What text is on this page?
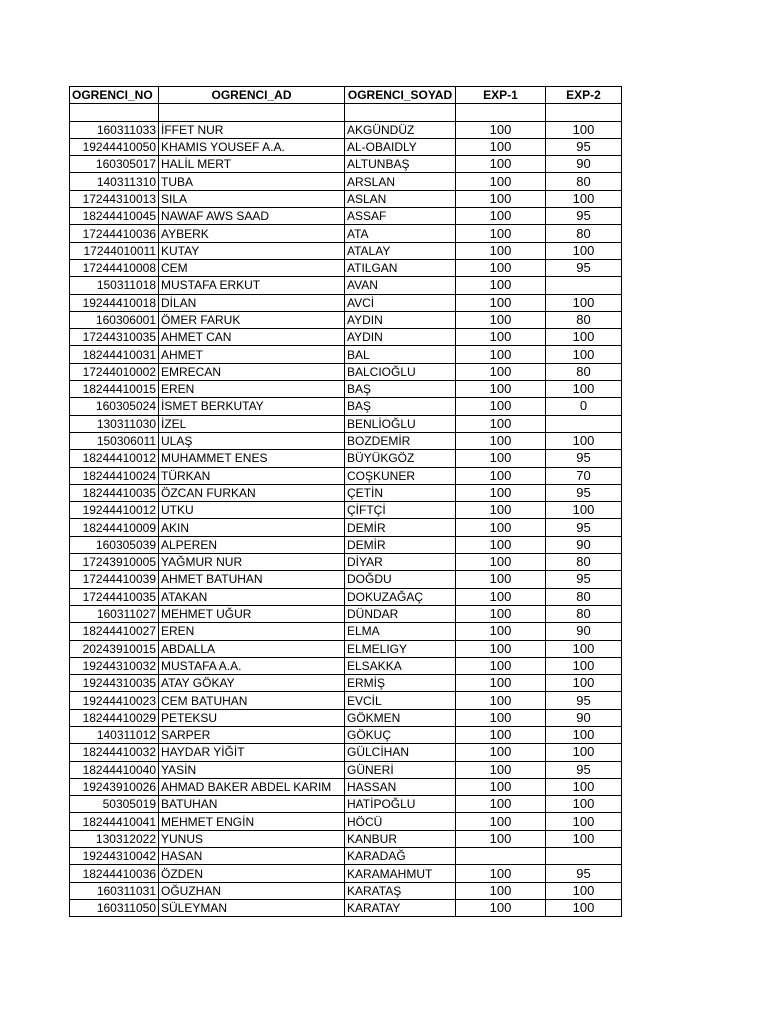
OGRENCI_NO	OGRENCI_AD	OGRENCI_SOYAD	EXP-1	EXP-2

160311033	İFFET NUR	AKGÜNDÜZ	100	100
19244410050	KHAMIS YOUSEF A.A.	AL-OBAIDLY	100	95
160305017	HALİL MERT	ALTUNBAŞ	100	90
140311310	TUBA	ARSLAN	100	80
17244310013	SILA	ASLAN	100	100
18244410045	NAWAF AWS SAAD	ASSAF	100	95
17244410036	AYBERK	ATA	100	80
17244010011	KUTAY	ATALAY	100	100
17244410008	CEM	ATILGAN	100	95
150311018	MUSTAFA ERKUT	AVAN	100	
19244410018	DİLAN	AVCİ	100	100
160306001	ÖMER FARUK	AYDIN	100	80
17244310035	AHMET CAN	AYDIN	100	100
18244410031	AHMET	BAL	100	100
17244010002	EMRECAN	BALCIOĞLU	100	80
18244410015	EREN	BAŞ	100	100
160305024	İSMET BERKUTAY	BAŞ	100	0
130311030	İZEL	BENLİOĞLU	100	
150306011	ULAŞ	BOZDEMİR	100	100
18244410012	MUHAMMET ENES	BÜYÜKGÖZ	100	95
18244410024	TÜRKAN	COŞKUNER	100	70
18244410035	ÖZCAN FURKAN	ÇETİN	100	95
19244410012	UTKU	ÇİFTÇİ	100	100
18244410009	AKIN	DEMİR	100	95
160305039	ALPEREN	DEMİR	100	90
17243910005	YAĞMUR NUR	DİYAR	100	80
17244410039	AHMET BATUHAN	DOĞDU	100	95
17244410035	ATAKAN	DOKUZAĞAÇ	100	80
160311027	MEHMET UĞUR	DÜNDAR	100	80
18244410027	EREN	ELMA	100	90
20243910015	ABDALLA	ELMELIGY	100	100
19244310032	MUSTAFA A.A.	ELSAKKA	100	100
19244310035	ATAY GÖKAY	ERMİŞ	100	100
19244410023	CEM BATUHAN	EVCİL	100	95
18244410029	PETEKSU	GÖKMEN	100	90
140311012	SARPER	GÖKUÇ	100	100
18244410032	HAYDAR YİĞİT	GÜLCİHAN	100	100
18244410040	YASİN	GÜNERİ	100	95
19243910026	AHMAD BAKER ABDEL KARIM	HASSAN	100	100
50305019	BATUHAN	HATİPOĞLU	100	100
18244410041	MEHMET ENGİN	HÖCÜ	100	100
130312022	YUNUS	KANBUR	100	100
19244310042	HASAN	KARADAĞ		
18244410036	ÖZDEN	KARAMAHMUT	100	95
160311031	OĞUZHAN	KARATAŞ	100	100
160311050	SÜLEYMAN	KARATAY	100	100
